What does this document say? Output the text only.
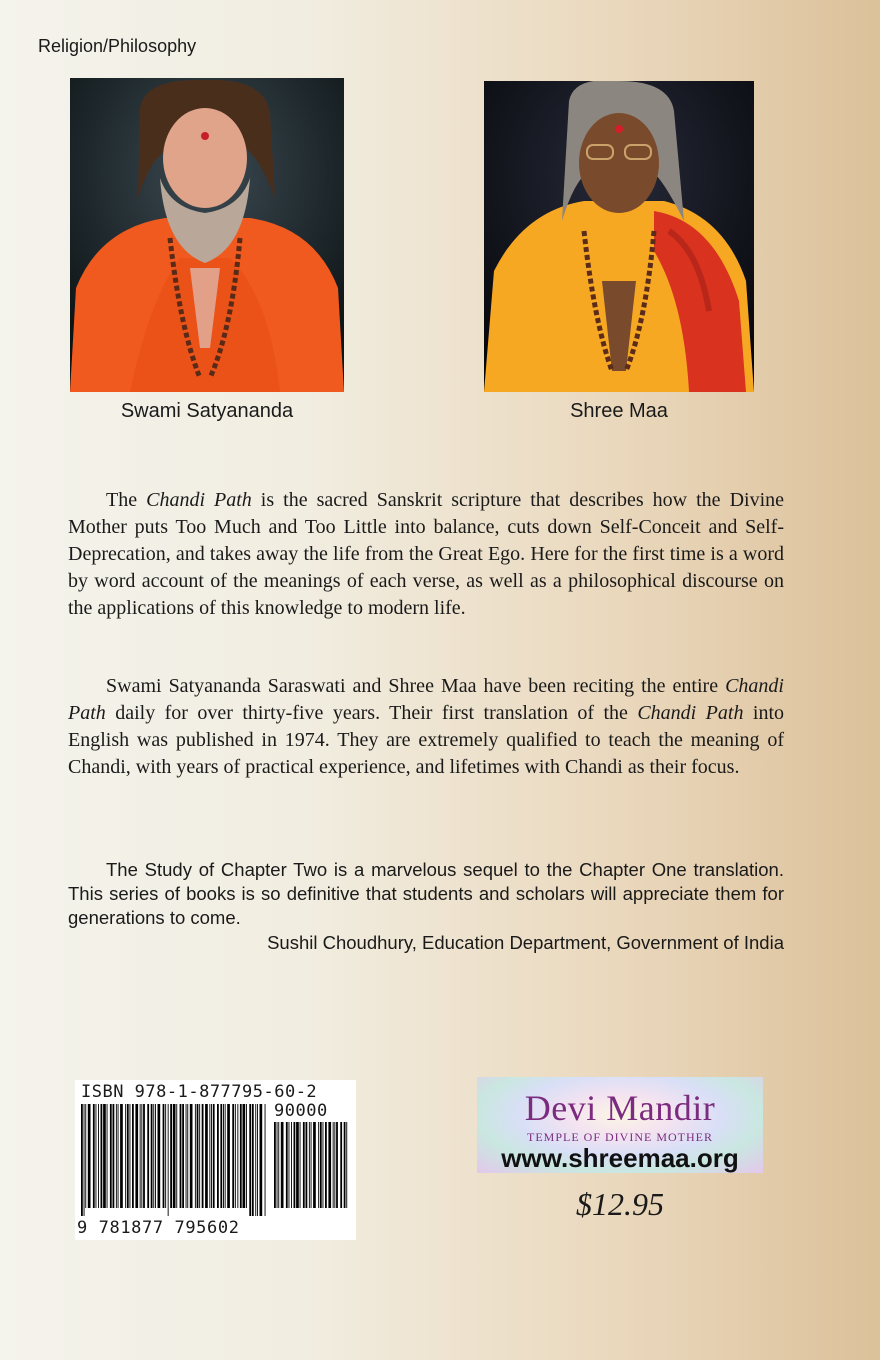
Religion/Philosophy
Swami Satyananda	Shree Maa

The Chandi Path is the sacred Sanskrit scripture that describes how the Divine Mother puts Too Much and Too Little into balance, cuts down Self-Conceit and Self-Deprecation, and takes away the life from the Great Ego. Here for the first time is a word by word account of the meanings of each verse, as well as a philosophical discourse on the applications of this knowledge to modern life.

Swami Satyananda Saraswati and Shree Maa have been reciting the entire Chandi Path daily for over thirty-five years. Their first translation of the Chandi Path into English was published in 1974. They are extremely qualified to teach the meaning of Chandi, with years of practical experience, and lifetimes with Chandi as their focus.

The Study of Chapter Two is a marvelous sequel to the Chapter One translation. This series of books is so definitive that students and scholars will appreciate them for generations to come.

Sushil Choudhury, Education Department, Government of India
ISBN 978-1-877795-60-2
90000
9 781877 795602
Devi Mandir
TEMPLE OF DIVINE MOTHER
www.shreemaa.org
$12.95
